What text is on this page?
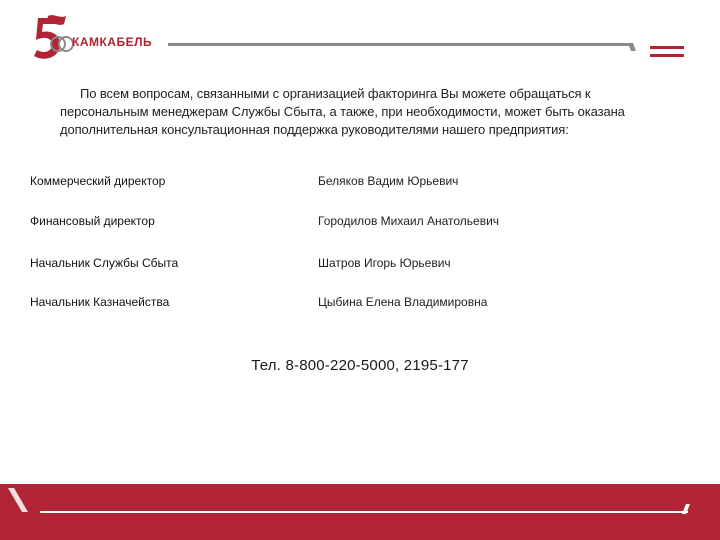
КАМКАБЕЛЬ

По всем вопросам, связанными с организацией факторинга Вы можете обращаться к персональным менеджерам Службы Сбыта, а также, при необходимости, может быть оказана дополнительная консультационная поддержка руководителями нашего предприятия:

Коммерческий директор	Беляков Вадим Юрьевич
Финансовый директор	Городилов Михаил Анатольевич
Начальник Службы Сбыта	Шатров Игорь Юрьевич
Начальник Казначейства	Цыбина Елена Владимировна
Тел. 8-800-220-5000, 2195-177
